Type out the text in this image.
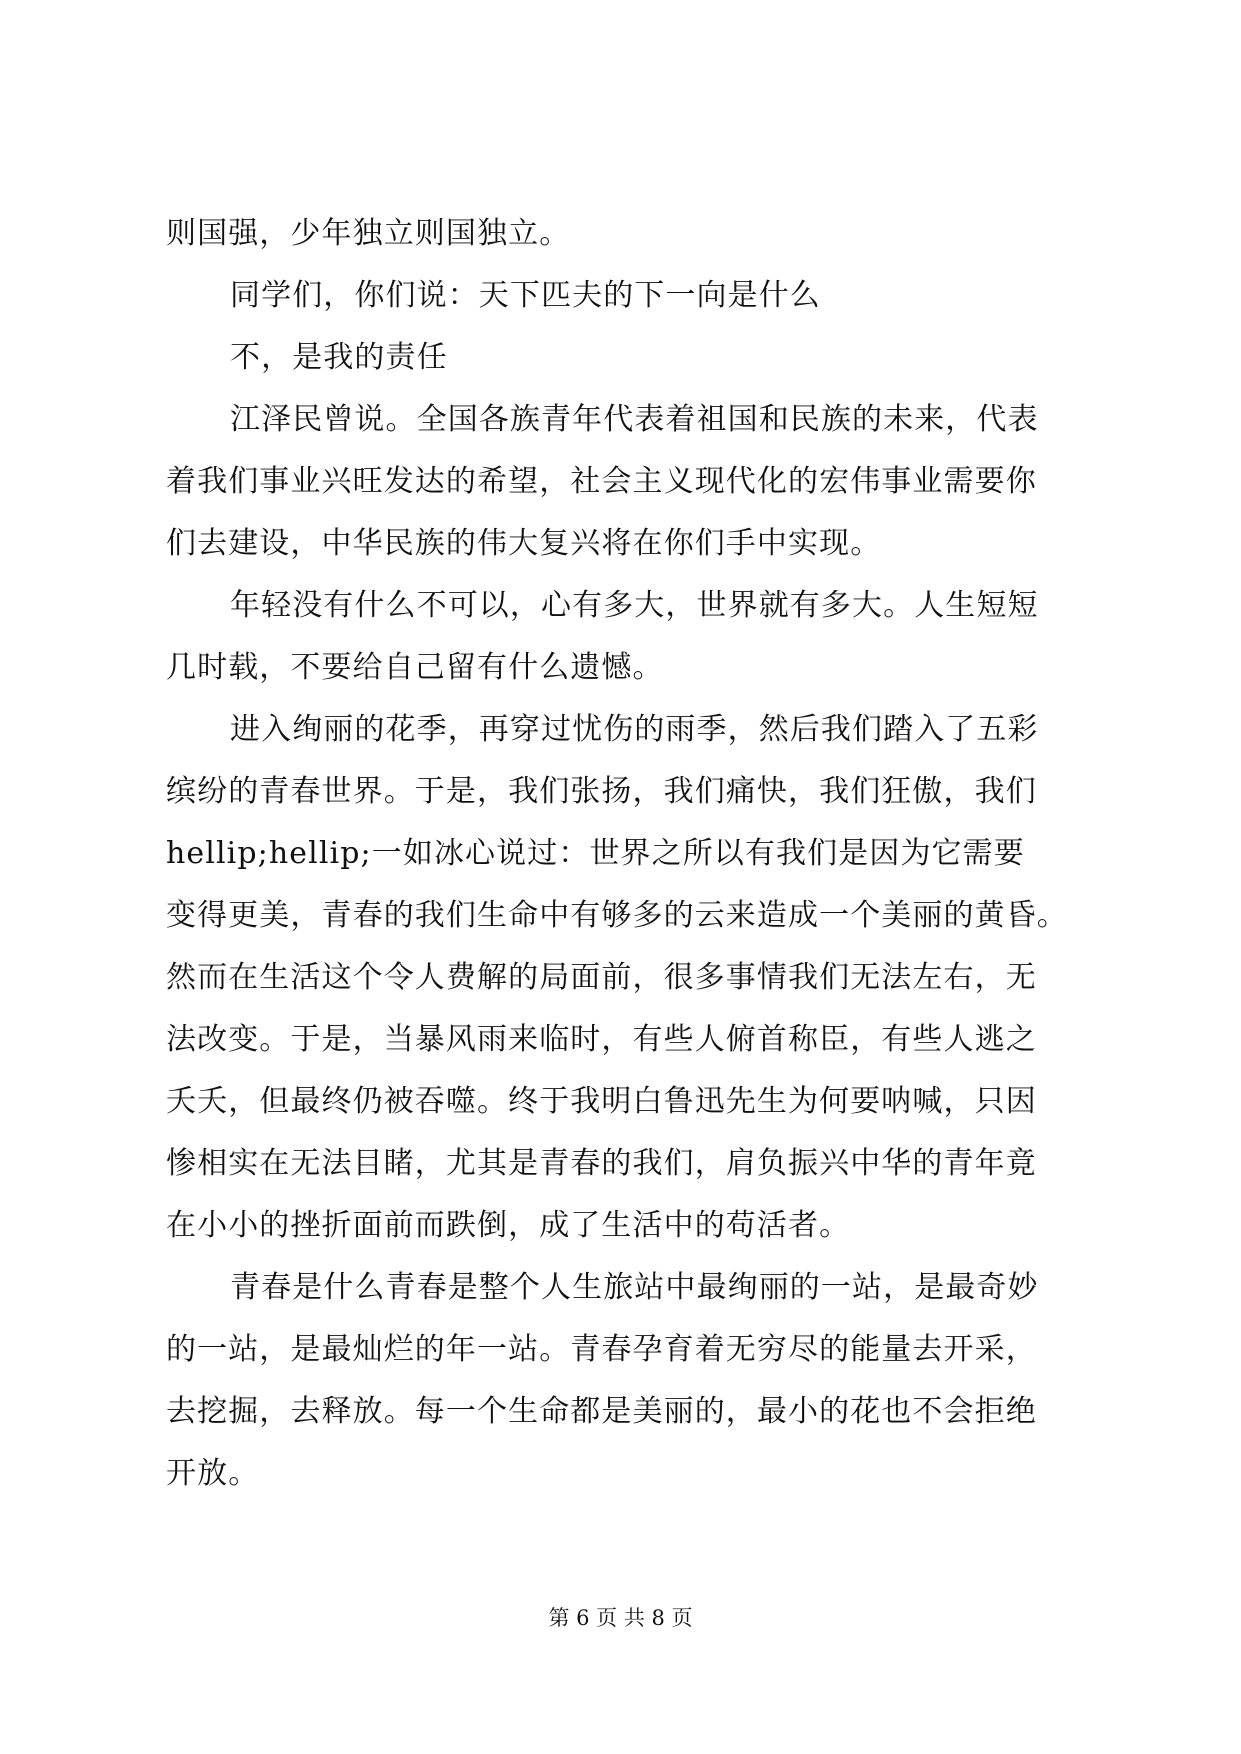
则国强，少年独立则国独立。
同学们，你们说：天下匹夫的下一向是什么
不，是我的责任
江泽民曾说。全国各族青年代表着祖国和民族的未来，代表
着我们事业兴旺发达的希望，社会主义现代化的宏伟事业需要你
们去建设，中华民族的伟大复兴将在你们手中实现。
年轻没有什么不可以，心有多大，世界就有多大。人生短短
几时载，不要给自己留有什么遗憾。
进入绚丽的花季，再穿过忧伤的雨季，然后我们踏入了五彩
缤纷的青春世界。于是，我们张扬，我们痛快，我们狂傲，我们
hellip;hellip;一如冰心说过：世界之所以有我们是因为它需要
变得更美，青春的我们生命中有够多的云来造成一个美丽的黄昏。
然而在生活这个令人费解的局面前，很多事情我们无法左右，无
法改变。于是，当暴风雨来临时，有些人俯首称臣，有些人逃之
夭夭，但最终仍被吞噬。终于我明白鲁迅先生为何要呐喊，只因
惨相实在无法目睹，尤其是青春的我们，肩负振兴中华的青年竟
在小小的挫折面前而跌倒，成了生活中的苟活者。
青春是什么青春是整个人生旅站中最绚丽的一站，是最奇妙
的一站，是最灿烂的年一站。青春孕育着无穷尽的能量去开采，
去挖掘，去释放。每一个生命都是美丽的，最小的花也不会拒绝
开放。
第 6 页 共 8 页
